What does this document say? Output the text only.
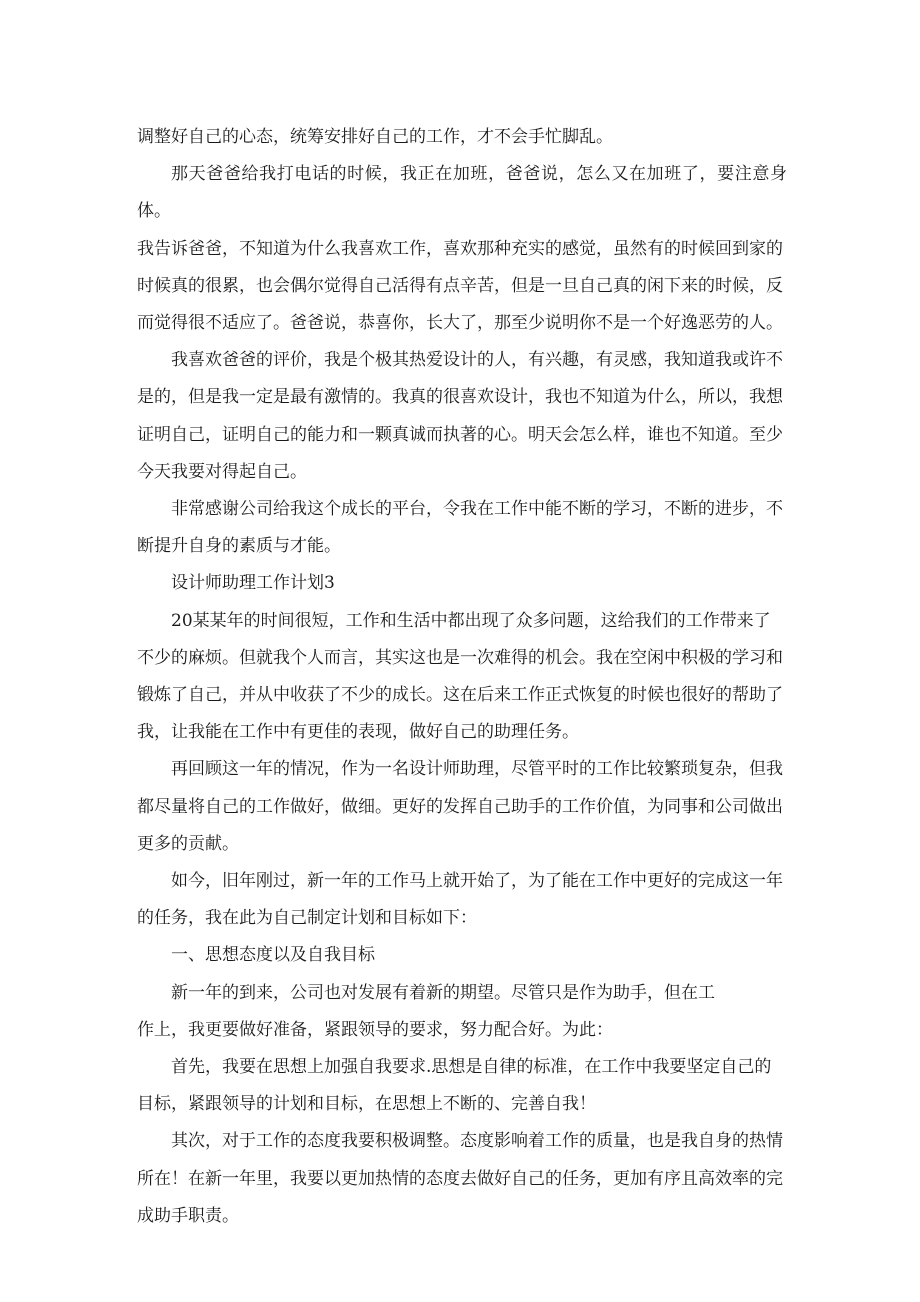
调整好自己的心态，统筹安排好自己的工作，才不会手忙脚乱。

那天爸爸给我打电话的时候，我正在加班，爸爸说，怎么又在加班了，要注意身体。
我告诉爸爸，不知道为什么我喜欢工作，喜欢那种充实的感觉，虽然有的时候回到家的
时候真的很累，也会偶尔觉得自己活得有点辛苦，但是一旦自己真的闲下来的时候，反
而觉得很不适应了。爸爸说，恭喜你，长大了，那至少说明你不是一个好逸恶劳的人。

我喜欢爸爸的评价，我是个极其热爱设计的人，有兴趣，有灵感，我知道我或许不
是的，但是我一定是最有激情的。我真的很喜欢设计，我也不知道为什么，所以，我想
证明自己，证明自己的能力和一颗真诚而执著的心。明天会怎么样，谁也不知道。至少
今天我要对得起自己。

非常感谢公司给我这个成长的平台，令我在工作中能不断的学习，不断的进步，不
断提升自身的素质与才能。

设计师助理工作计划3

20某某年的时间很短，工作和生活中都出现了众多问题，这给我们的工作带来了
不少的麻烦。但就我个人而言，其实这也是一次难得的机会。我在空闲中积极的学习和
锻炼了自己，并从中收获了不少的成长。这在后来工作正式恢复的时候也很好的帮助了
我，让我能在工作中有更佳的表现，做好自己的助理任务。

再回顾这一年的情况，作为一名设计师助理，尽管平时的工作比较繁琐复杂，但我
都尽量将自己的工作做好，做细。更好的发挥自己助手的工作价值，为同事和公司做出
更多的贡献。

如今，旧年刚过，新一年的工作马上就开始了，为了能在工作中更好的完成这一年
的任务，我在此为自己制定计划和目标如下：

一、思想态度以及自我目标

新一年的到来，公司也对发展有着新的期望。尽管只是作为助手，但在工
作上，我更要做好准备，紧跟领导的要求，努力配合好。为此：

首先，我要在思想上加强自我要求.思想是自律的标准，在工作中我要坚定自己的
目标，紧跟领导的计划和目标，在思想上不断的、完善自我！

其次，对于工作的态度我要积极调整。态度影响着工作的质量，也是我自身的热情
所在！在新一年里，我要以更加热情的态度去做好自己的任务，更加有序且高效率的完
成助手职责。
